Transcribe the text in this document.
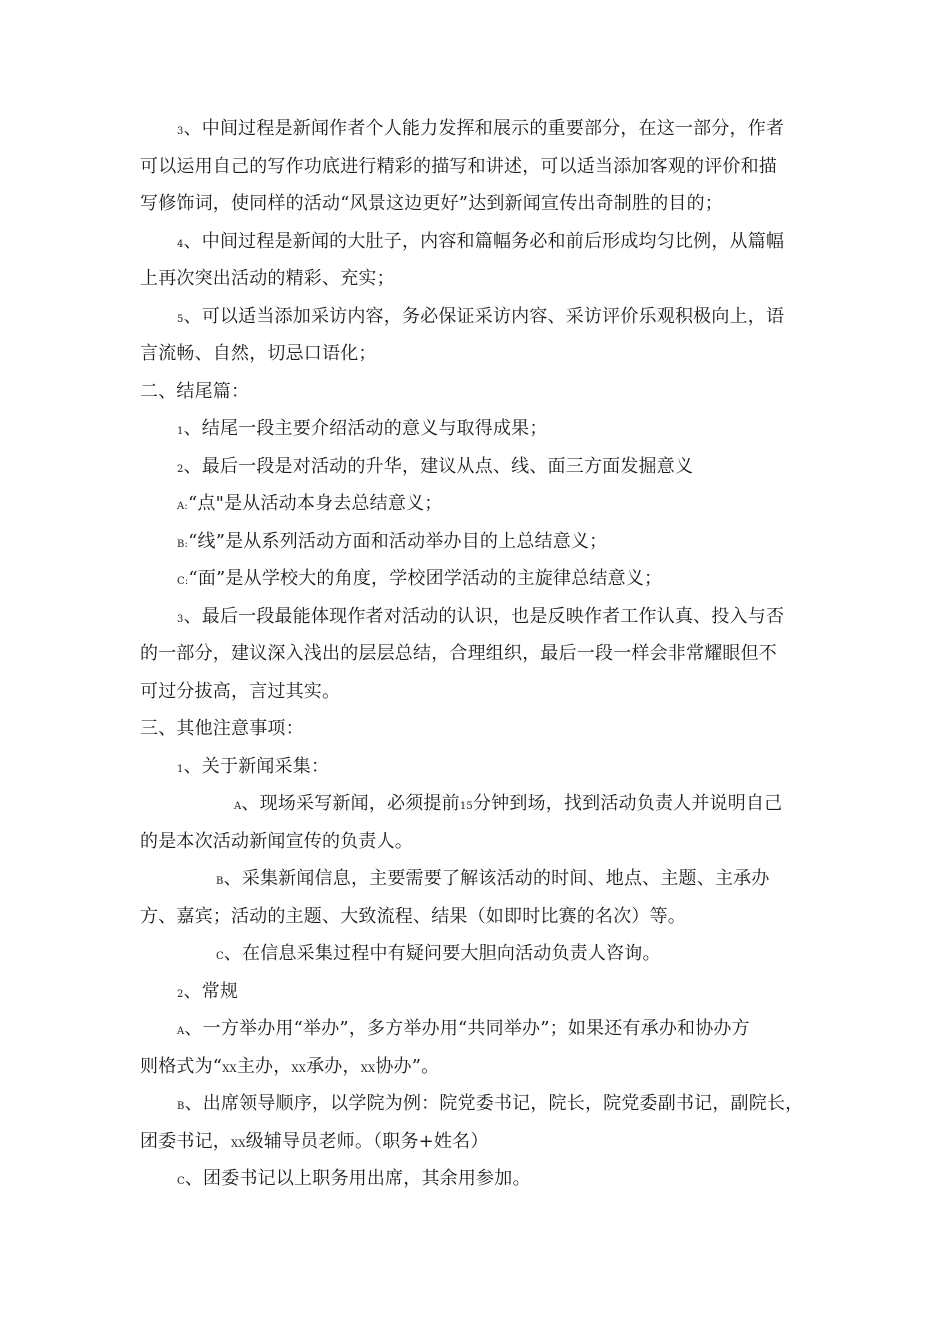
3、中间过程是新闻作者个人能力发挥和展示的重要部分，在这一部分，作者
可以运用自己的写作功底进行精彩的描写和讲述，可以适当添加客观的评价和描
写修饰词，使同样的活动“风景这边更好”达到新闻宣传出奇制胜的目的；
4、中间过程是新闻的大肚子，内容和篇幅务必和前后形成均匀比例，从篇幅
上再次突出活动的精彩、充实；
5、可以适当添加采访内容，务必保证采访内容、采访评价乐观积极向上，语
言流畅、自然，切忌口语化；
二、结尾篇：
1、结尾一段主要介绍活动的意义与取得成果；
2、最后一段是对活动的升华，建议从点、线、面三方面发掘意义
A:“点"是从活动本身去总结意义；
B:“线”是从系列活动方面和活动举办目的上总结意义；
C:“面”是从学校大的角度，学校团学活动的主旋律总结意义；
3、最后一段最能体现作者对活动的认识，也是反映作者工作认真、投入与否
的一部分，建议深入浅出的层层总结，合理组织，最后一段一样会非常耀眼但不
可过分拔高，言过其实。
三、其他注意事项：
1、关于新闻采集：
A、现场采写新闻，必须提前15分钟到场，找到活动负责人并说明自己
的是本次活动新闻宣传的负责人。
B、采集新闻信息，主要需要了解该活动的时间、地点、主题、主承办
方、嘉宾；活动的主题、大致流程、结果（如即时比赛的名次）等。
C、在信息采集过程中有疑问要大胆向活动负责人咨询。
2、常规
A、一方举办用“举办”，多方举办用“共同举办”；如果还有承办和协办方
则格式为“XX主办，XX承办，XX协办”。
B、出席领导顺序，以学院为例：院党委书记，院长，院党委副书记，副院长，
团委书记，XX级辅导员老师。（职务+姓名）
C、团委书记以上职务用出席，其余用参加。
